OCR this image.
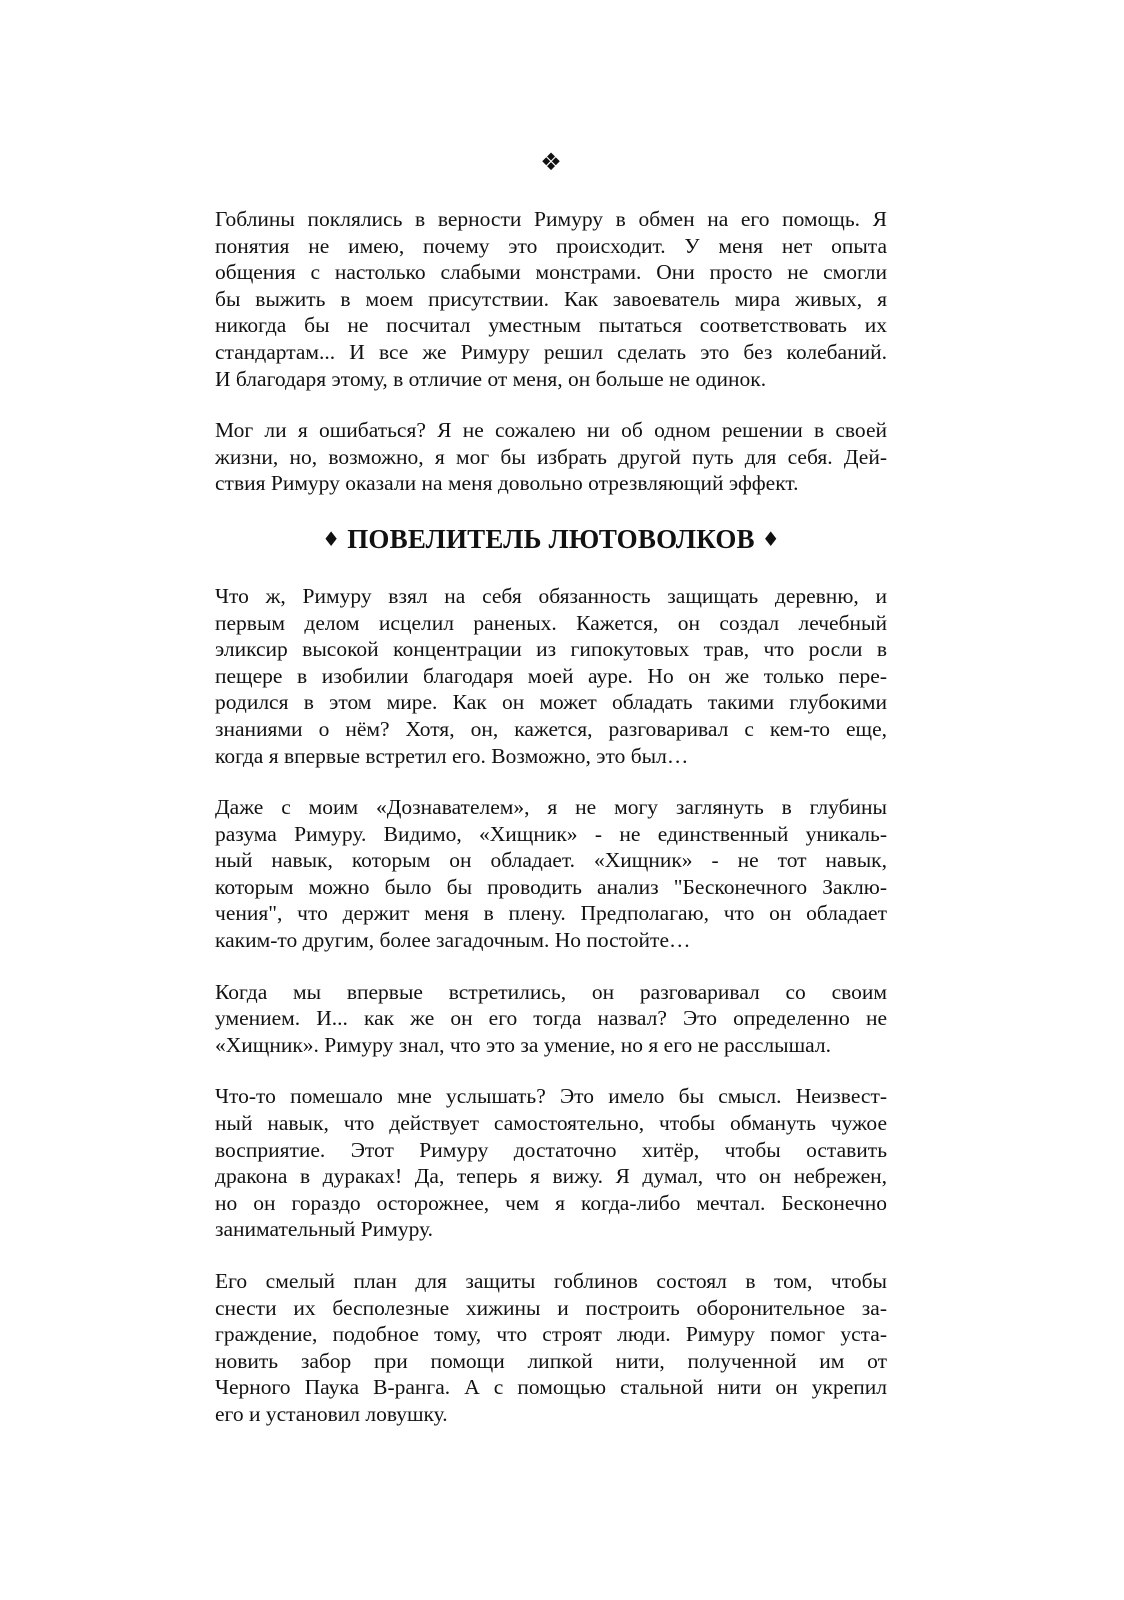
❖

Гоблины поклялись в верности Римуру в обмен на его помощь. Я
понятия не имею, почему это происходит. У меня нет опыта
общения с настолько слабыми монстрами. Они просто не смогли
бы выжить в моем присутствии. Как завоеватель мира живых, я
никогда бы не посчитал уместным пытаться соответствовать их
стандартам... И все же Римуру решил сделать это без колебаний.
И благодаря этому, в отличие от меня, он больше не одинок.

Мог ли я ошибаться? Я не сожалею ни об одном решении в своей
жизни, но, возможно, я мог бы избрать другой путь для себя. Дей-
ствия Римуру оказали на меня довольно отрезвляющий эффект.

♦ ПОВЕЛИТЕЛЬ ЛЮТОВОЛКОВ ♦

Что ж, Римуру взял на себя обязанность защищать деревню, и
первым делом исцелил раненых. Кажется, он создал лечебный
эликсир высокой концентрации из гипокутовых трав, что росли в
пещере в изобилии благодаря моей ауре. Но он же только пере-
родился в этом мире. Как он может обладать такими глубокими
знаниями о нём? Хотя, он, кажется, разговаривал с кем-то еще,
когда я впервые встретил его. Возможно, это был…

Даже с моим «Дознавателем», я не могу заглянуть в глубины
разума Римуру. Видимо, «Хищник» - не единственный уникаль-
ный навык, которым он обладает. «Хищник» - не тот навык,
которым можно было бы проводить анализ "Бесконечного Заклю-
чения", что держит меня в плену. Предполагаю, что он обладает
каким-то другим, более загадочным. Но постойте…

Когда мы впервые встретились, он разговаривал со своим
умением. И... как же он его тогда назвал? Это определенно не
«Хищник». Римуру знал, что это за умение, но я его не расслышал.

Что-то помешало мне услышать? Это имело бы смысл. Неизвест-
ный навык, что действует самостоятельно, чтобы обмануть чужое
восприятие. Этот Римуру достаточно хитёр, чтобы оставить
дракона в дураках! Да, теперь я вижу. Я думал, что он небрежен,
но он гораздо осторожнее, чем я когда-либо мечтал. Бесконечно
занимательный Римуру.

Его смелый план для защиты гоблинов состоял в том, чтобы
снести их бесполезные хижины и построить оборонительное за-
граждение, подобное тому, что строят люди. Римуру помог уста-
новить забор при помощи липкой нити, полученной им от
Черного Паука B-ранга. А с помощью стальной нити он укрепил
его и установил ловушку.
